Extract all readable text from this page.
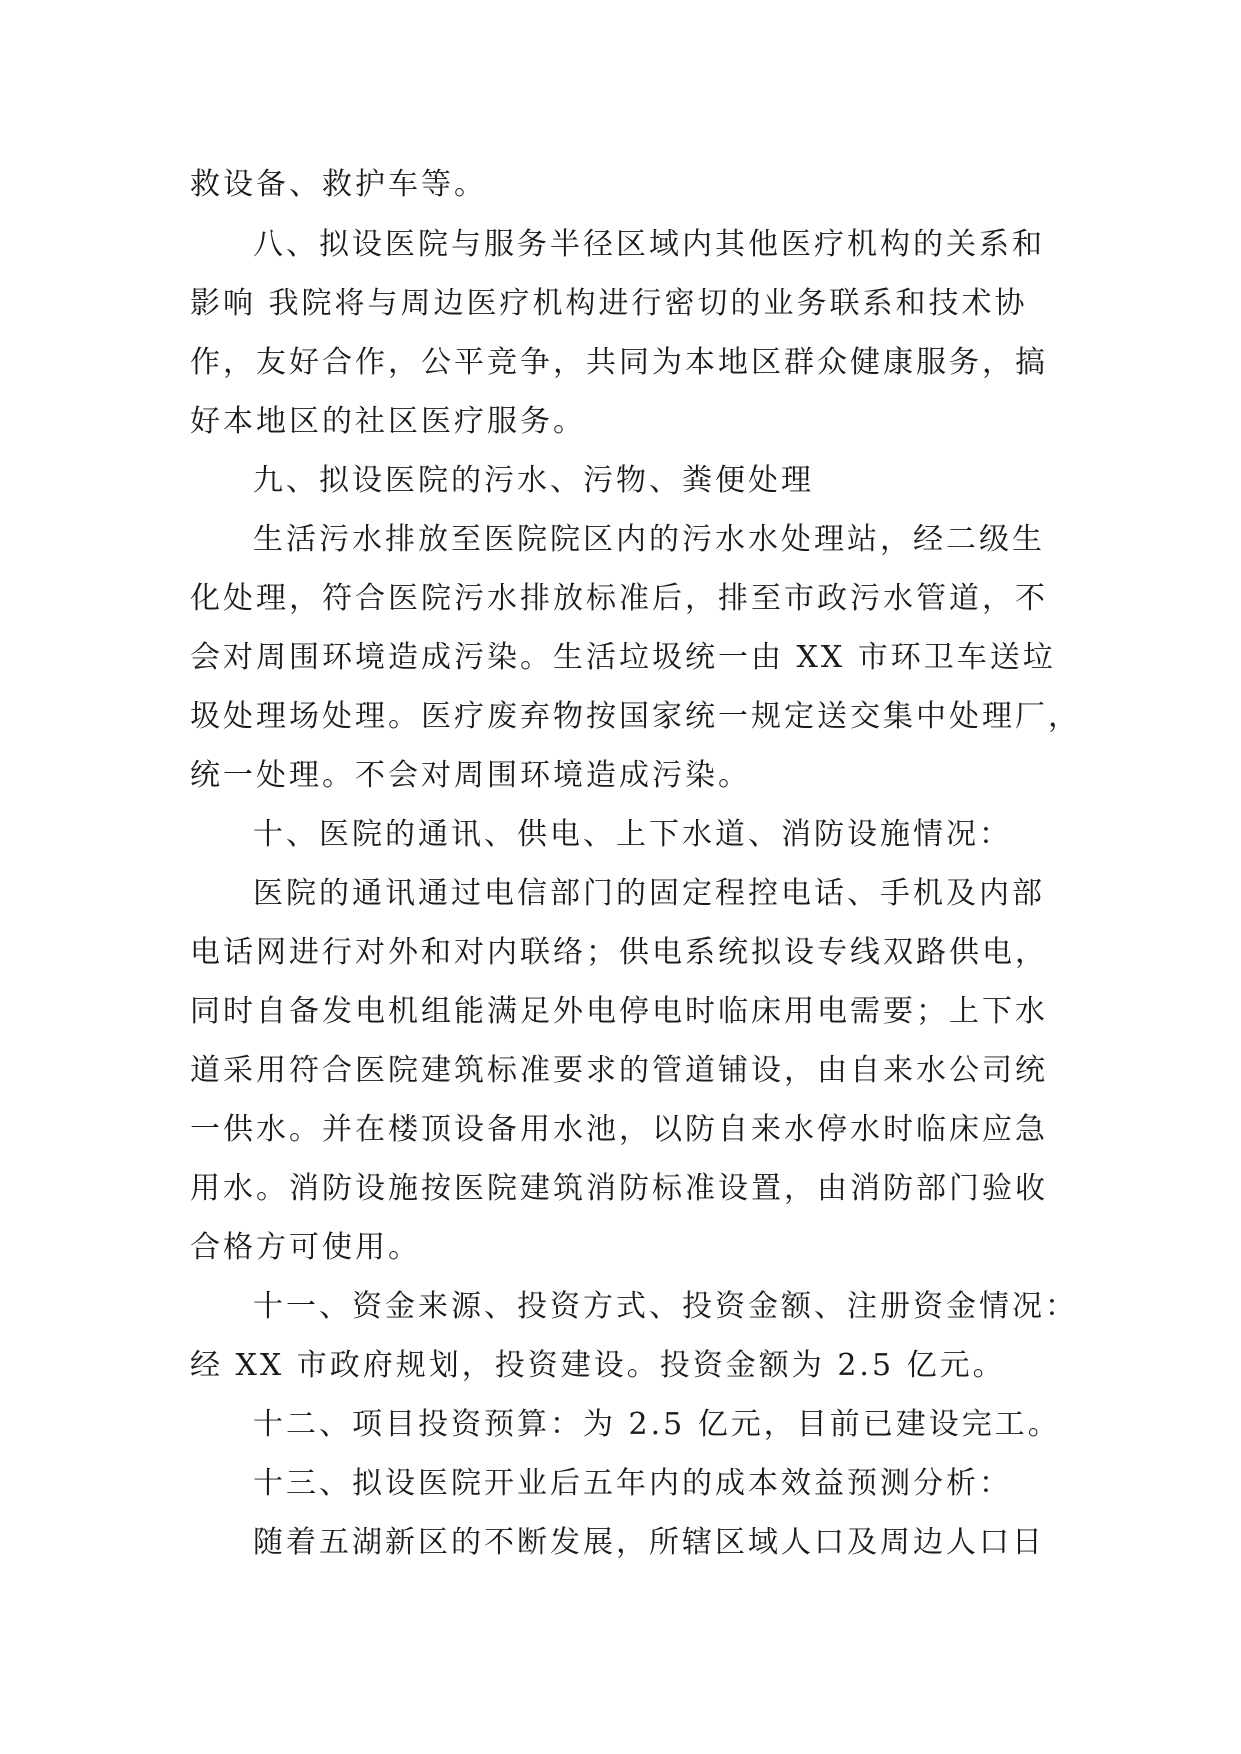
救设备、救护车等。
八、拟设医院与服务半径区域内其他医疗机构的关系和
影响 我院将与周边医疗机构进行密切的业务联系和技术协
作，友好合作，公平竞争，共同为本地区群众健康服务，搞
好本地区的社区医疗服务。
九、拟设医院的污水、污物、粪便处理
生活污水排放至医院院区内的污水水处理站，经二级生
化处理，符合医院污水排放标准后，排至市政污水管道，不
会对周围环境造成污染。生活垃圾统一由 XX 市环卫车送垃
圾处理场处理。医疗废弃物按国家统一规定送交集中处理厂，
统一处理。不会对周围环境造成污染。
十、医院的通讯、供电、上下水道、消防设施情况：
医院的通讯通过电信部门的固定程控电话、手机及内部
电话网进行对外和对内联络；供电系统拟设专线双路供电，
同时自备发电机组能满足外电停电时临床用电需要；上下水
道采用符合医院建筑标准要求的管道铺设，由自来水公司统
一供水。并在楼顶设备用水池，以防自来水停水时临床应急
用水。消防设施按医院建筑消防标准设置，由消防部门验收
合格方可使用。
十一、资金来源、投资方式、投资金额、注册资金情况：
经 XX 市政府规划，投资建设。投资金额为 2.5 亿元。
十二、项目投资预算：为 2.5 亿元，目前已建设完工。
十三、拟设医院开业后五年内的成本效益预测分析：
随着五湖新区的不断发展，所辖区域人口及周边人口日
